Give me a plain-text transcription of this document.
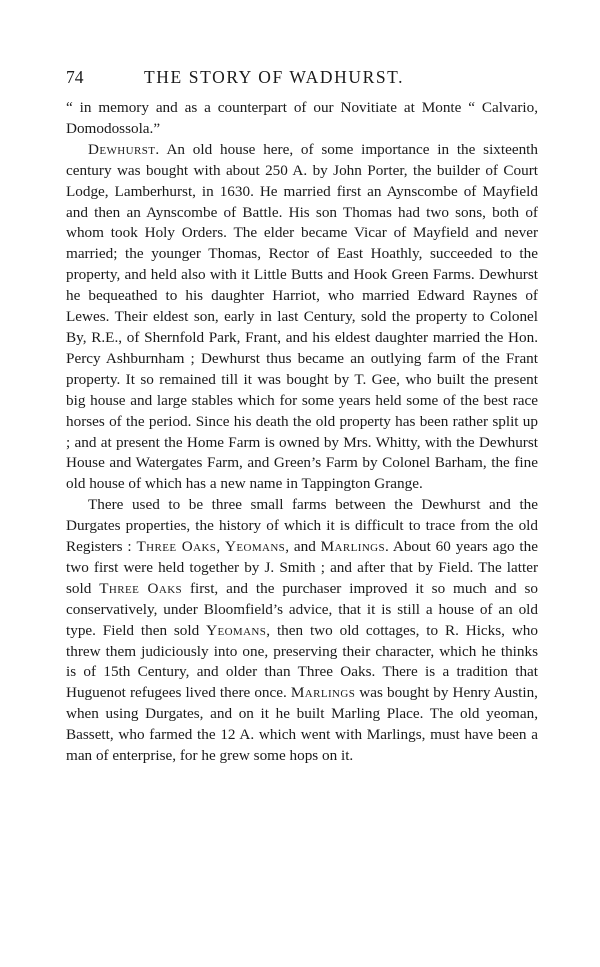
74	THE STORY OF WADHURST.

“ in memory and as a counterpart of our Novitiate at Monte “ Calvario, Domodossola.”

Dewhurst. An old house here, of some importance in the sixteenth century was bought with about 250 A. by John Porter, the builder of Court Lodge, Lamberhurst, in 1630. He married first an Aynscombe of Mayfield and then an Aynscombe of Battle. His son Thomas had two sons, both of whom took Holy Orders. The elder became Vicar of Mayfield and never married; the younger Thomas, Rector of East Hoathly, succeeded to the property, and held also with it Little Butts and Hook Green Farms. Dewhurst he bequeathed to his daughter Harriot, who married Edward Raynes of Lewes. Their eldest son, early in last Century, sold the property to Colonel By, R.E., of Shernfold Park, Frant, and his eldest daughter married the Hon. Percy Ashburnham ; Dewhurst thus became an outlying farm of the Frant property. It so remained till it was bought by T. Gee, who built the present big house and large stables which for some years held some of the best race horses of the period. Since his death the old property has been rather split up ; and at present the Home Farm is owned by Mrs. Whitty, with the Dewhurst House and Watergates Farm, and Green’s Farm by Colonel Barham, the fine old house of which has a new name in Tappington Grange.

There used to be three small farms between the Dewhurst and the Durgates properties, the history of which it is difficult to trace from the old Registers : Three Oaks, Yeomans, and Marlings. About 60 years ago the two first were held together by J. Smith ; and after that by Field. The latter sold Three Oaks first, and the purchaser improved it so much and so conservatively, under Bloomfield’s advice, that it is still a house of an old type. Field then sold Yeomans, then two old cottages, to R. Hicks, who threw them judiciously into one, preserving their character, which he thinks is of 15th Century, and older than Three Oaks. There is a tradition that Huguenot refugees lived there once. Marlings was bought by Henry Austin, when using Durgates, and on it he built Marling Place. The old yeoman, Bassett, who farmed the 12 A. which went with Marlings, must have been a man of enterprise, for he grew some hops on it.
